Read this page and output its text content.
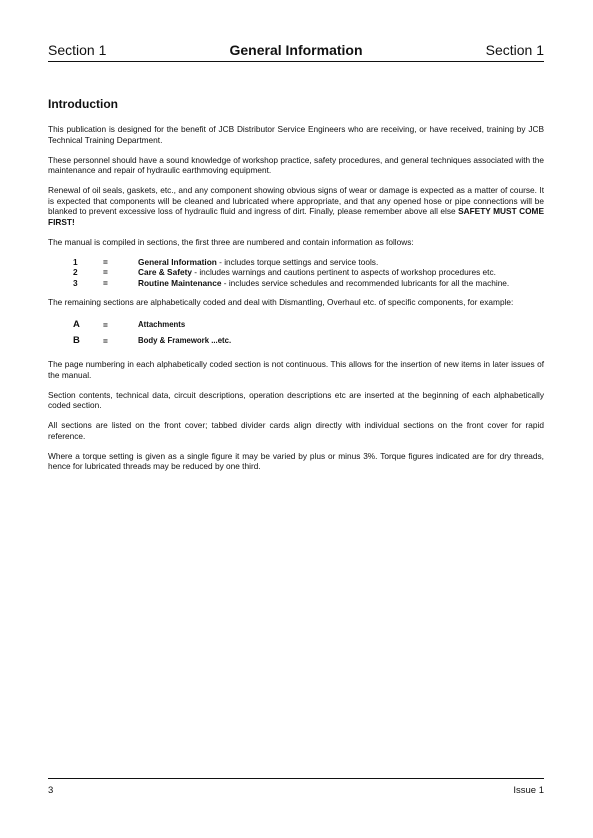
Section 1	General Information	Section 1
Introduction

This publication is designed for the benefit of JCB Distributor Service Engineers who are receiving, or have received, training by JCB Technical Training Department.

These personnel should have a sound knowledge of workshop practice, safety procedures, and general techniques associated with the maintenance and repair of hydraulic earthmoving equipment.

Renewal of oil seals, gaskets, etc., and any component showing obvious signs of wear or damage is expected as a matter of course. It is expected that components will be cleaned and lubricated where appropriate, and that any opened hose or pipe connections will be blanked to prevent excessive loss of hydraulic fluid and ingress of dirt. Finally, please remember above all else SAFETY MUST COME FIRST!

The manual is compiled in sections, the first three are numbered and contain information as follows:

1	=	General Information - includes torque settings and service tools.
2	=	Care & Safety - includes warnings and cautions pertinent to aspects of workshop procedures etc.
3	=	Routine Maintenance - includes service schedules and recommended lubricants for all the machine.

The remaining sections are alphabetically coded and deal with Dismantling, Overhaul etc. of specific components, for example:

A	=	Attachments
B	=	Body & Framework ...etc.

The page numbering in each alphabetically coded section is not continuous. This allows for the insertion of new items in later issues of the manual.

Section contents, technical data, circuit descriptions, operation descriptions etc are inserted at the beginning of each alphabetically coded section.

All sections are listed on the front cover; tabbed divider cards align directly with individual sections on the front cover for rapid reference.

Where a torque setting is given as a single figure it may be varied by plus or minus 3%. Torque figures indicated are for dry threads, hence for lubricated threads may be reduced by one third.

3	Issue 1
